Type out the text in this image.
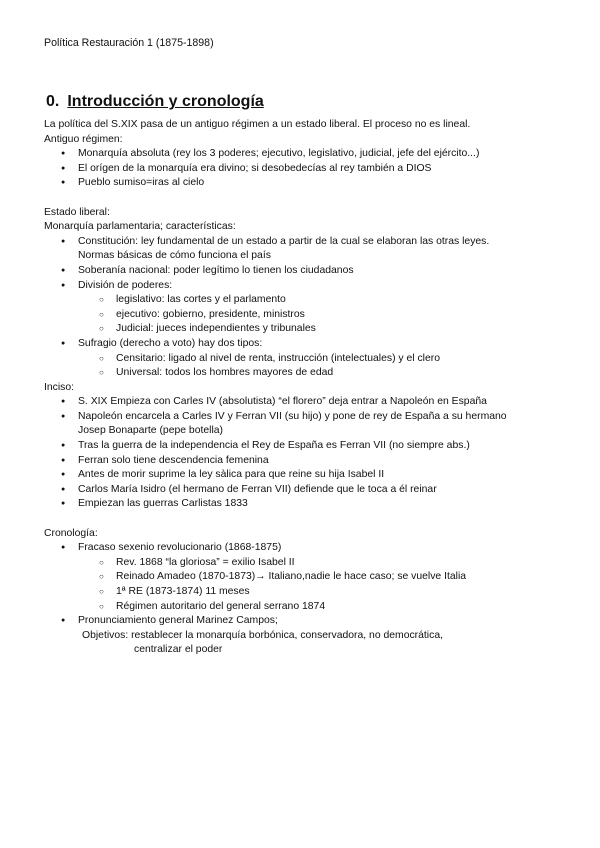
Política Restauración 1 (1875-1898)
0. Introducción y cronología
La política del S.XIX pasa de un antiguo régimen a un estado liberal. El proceso no es lineal.
Antiguo régimen:
● Monarquía absoluta (rey los 3 poderes; ejecutivo, legislativo, judicial, jefe del ejército...)
● El orígen de la monarquía era divino; si desobedecías al rey también a DIOS
● Pueblo sumiso=iras al cielo
Estado liberal:
Monarquía parlamentaria; características:
● Constitución: ley fundamental de un estado a partir de la cual se elaboran las otras leyes.
Normas básicas de cómo funciona el país
● Soberanía nacional: poder legítimo lo tienen los ciudadanos
● División de poderes:
○ legislativo: las cortes y el parlamento
○ ejecutivo: gobierno, presidente, ministros
○ Judicial: jueces independientes y tribunales
● Sufragio (derecho a voto) hay dos tipos:
○ Censitario: ligado al nivel de renta, instrucción (intelectuales) y el clero
○ Universal: todos los hombres mayores de edad
Inciso:
● S. XIX Empieza con Carles IV (absolutista) “el florero” deja entrar a Napoleón en España
● Napoleón encarcela a Carles IV y Ferran VII (su hijo) y pone de rey de España a su hermano
Josep Bonaparte (pepe botella)
● Tras la guerra de la independencia el Rey de España es Ferran VII (no siempre abs.)
● Ferran solo tiene descendencia femenina
● Antes de morir suprime la ley sàlica para que reine su hija Isabel II
● Carlos María Isidro (el hermano de Ferran VII) defiende que le toca a él reinar
● Empiezan las guerras Carlistas 1833
Cronología:
● Fracaso sexenio revolucionario (1868-1875)
○ Rev. 1868 “la gloriosa” = exilio Isabel II
○ Reinado Amadeo (1870-1873)→ Italiano,nadie le hace caso; se vuelve Italia
○ 1ª RE (1873-1874) 11 meses
○ Régimen autoritario del general serrano 1874
● Pronunciamiento general Marinez Campos;
Objetivos: restablecer la monarquía borbónica, conservadora, no democrática,
centralizar el poder
